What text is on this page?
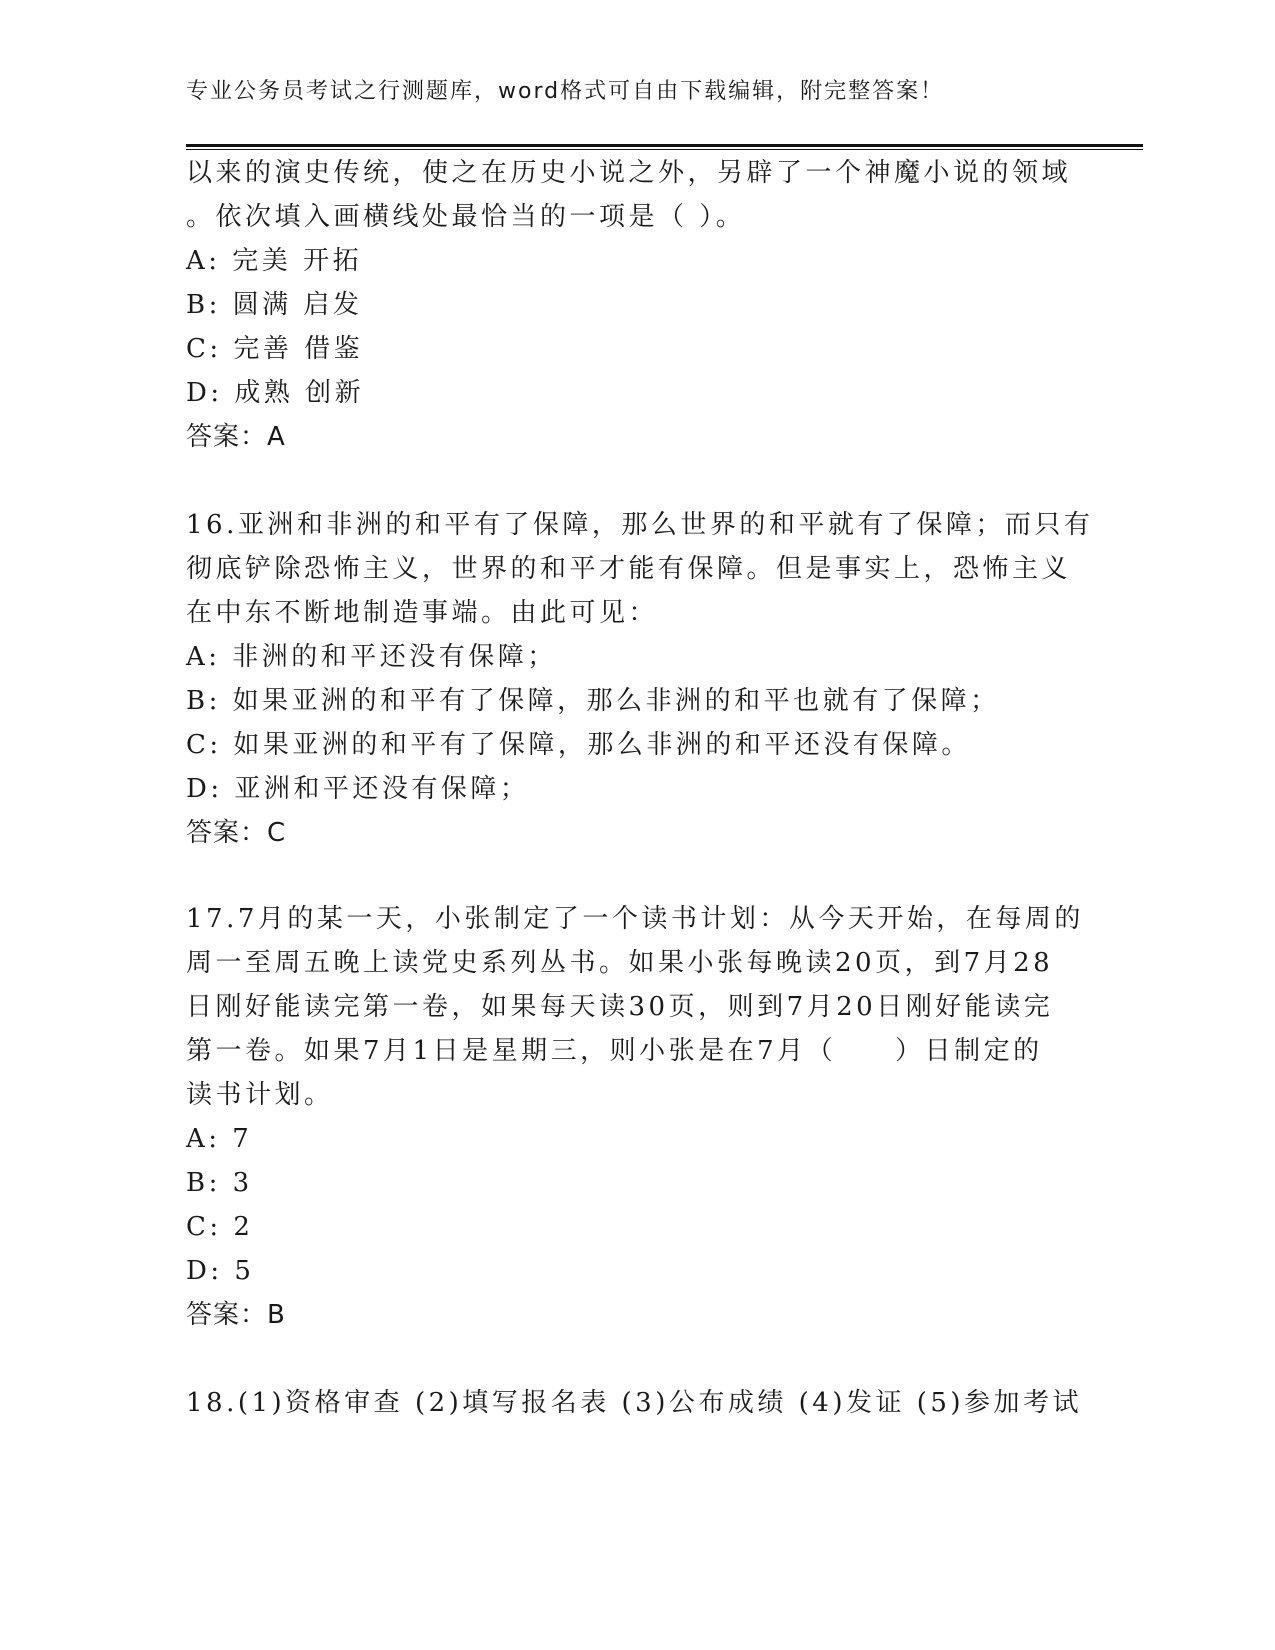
专业公务员考试之行测题库，word格式可自由下载编辑，附完整答案！
以来的演史传统，使之在历史小说之外，另辟了一个神魔小说的领域
。依次填入画横线处最恰当的一项是（ ）。
A: 完美 开拓
B: 圆满 启发
C: 完善 借鉴
D: 成熟 创新
答案：A
16.亚洲和非洲的和平有了保障，那么世界的和平就有了保障；而只有
彻底铲除恐怖主义，世界的和平才能有保障。但是事实上，恐怖主义
在中东不断地制造事端。由此可见：
A: 非洲的和平还没有保障；
B: 如果亚洲的和平有了保障，那么非洲的和平也就有了保障；
C: 如果亚洲的和平有了保障，那么非洲的和平还没有保障。
D: 亚洲和平还没有保障；
答案：C
17.7月的某一天，小张制定了一个读书计划：从今天开始，在每周的
周一至周五晚上读党史系列丛书。如果小张每晚读20页，到7月28
日刚好能读完第一卷，如果每天读30页，则到7月20日刚好能读完
第一卷。如果7月1日是星期三，则小张是在7月（　　）日制定的
读书计划。
A: 7
B: 3
C: 2
D: 5
答案：B
18.(1)资格审查 (2)填写报名表 (3)公布成绩 (4)发证 (5)参加考试
